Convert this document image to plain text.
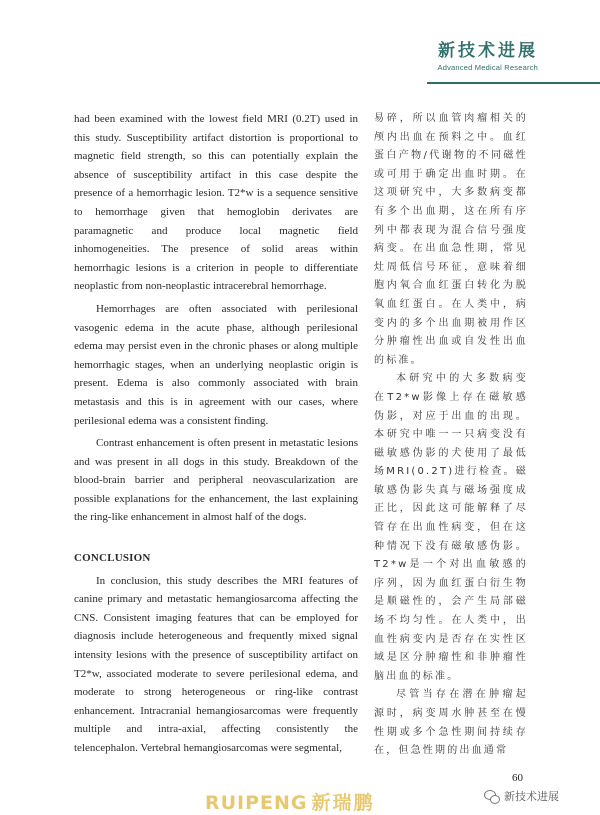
新技术进展
Advanced Medical Research

had been examined with the lowest field MRI (0.2T) used in this study. Susceptibility artifact distortion is proportional to magnetic field strength, so this can potentially explain the absence of susceptibility artifact in this case despite the presence of a hemorrhagic lesion. T2*w is a sequence sensitive to hemorrhage given that hemoglobin derivates are paramagnetic and produce local magnetic field inhomogeneities. The presence of solid areas within hemorrhagic lesions is a criterion in people to differentiate neoplastic from non-neoplastic intracerebral hemorrhage.

Hemorrhages are often associated with perilesional vasogenic edema in the acute phase, although perilesional edema may persist even in the chronic phases or along multiple hemorrhagic stages, when an underlying neoplastic origin is present. Edema is also commonly associated with brain metastasis and this is in agreement with our cases, where perilesional edema was a consistent finding.

Contrast enhancement is often present in metastatic lesions and was present in all dogs in this study. Breakdown of the blood-brain barrier and peripheral neovascularization are possible explanations for the enhancement, the last explaining the ring-like enhancement in almost half of the dogs.

CONCLUSION

In conclusion, this study describes the MRI features of canine primary and metastatic hemangiosarcoma affecting the CNS. Consistent imaging features that can be employed for diagnosis include heterogeneous and frequently mixed signal intensity lesions with the presence of susceptibility artifact on T2*w, associated moderate to severe perilesional edema, and moderate to strong heterogeneous or ring-like contrast enhancement. Intracranial hemangiosarcomas were frequently multiple and intra-axial, affecting consistently the telencephalon. Vertebral hemangiosarcomas were segmental,

易碎，所以血管肉瘤相关的颅内出血在预料之中。血红蛋白产物/代谢物的不同磁性或可用于确定出血时期。在这项研究中，大多数病变都有多个出血期，这在所有序列中都表现为混合信号强度病变。在出血急性期，常见灶周低信号环征，意味着细胞内氧合血红蛋白转化为脱氧血红蛋白。在人类中，病变内的多个出血期被用作区分肿瘤性出血或自发性出血的标准。

本研究中的大多数病变在T2*w影像上存在磁敏感伪影，对应于出血的出现。本研究中唯一一只病变没有磁敏感伪影的犬使用了最低场MRI(0.2T)进行检查。磁敏感伪影失真与磁场强度成正比，因此这可能解释了尽管存在出血性病变，但在这种情况下没有磁敏感伪影。T2*w是一个对出血敏感的序列，因为血红蛋白衍生物是顺磁性的，会产生局部磁场不均匀性。在人类中，出血性病变内是否存在实性区域是区分肿瘤性和非肿瘤性脑出血的标准。

尽管当存在潜在肿瘤起源时，病变周水肿甚至在慢性期或多个急性期间持续存在，但急性期的出血通常

60
RUIPENG 新瑞鹏	新技术进展
